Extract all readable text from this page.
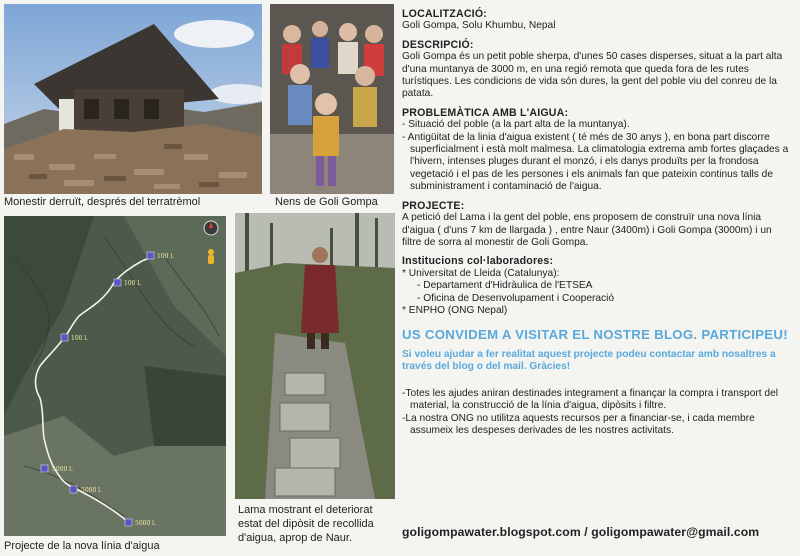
Monestir derruït, després del terratrèmol	Nens de Goli Gompa
100 l.
100 l.
100 l.
5000 l.
5000 l.
5000 l.
Projecte de la nova línia d'aigua
Lama mostrant el deteriorat estat del dipòsit de recollida d'aigua, aprop de Naur.
LOCALITZACIÓ:

Goli Gompa, Solu Khumbu, Nepal

DESCRIPCIÓ:

Goli Gompa és un petit poble sherpa, d'unes 50 cases disperses, situat a la part alta d'una muntanya de 3000 m, en una regió remota que queda fora de les rutes turístiques. Les condicions de vida són dures, la gent del poble viu del conreu de la patata.

PROBLEMÀTICA AMB L'AIGUA:
- Situació del poble (a la part alta de la muntanya).
- Antigüitat de la linia d'aigua existent ( té més de 30 anys ), en bona part discorre superficialment i està molt malmesa. La climatologia extrema amb fortes glaçades a l'hivern, intenses pluges durant el monzó, i els danys produïts per la frondosa vegetació i el pas de les persones i els animals fan que pateixin continus talls de subministrament i contaminació de l'aigua.
PROJECTE:

A petició del Lama i la gent del poble, ens proposem de construïr una nova línia d'aigua ( d'uns 7 km de llargada ) , entre Naur (3400m) i Goli Gompa (3000m) i un filtre de sorra al monestir de Goli Gompa.

Institucions col·laboradores:
* Universitat de Lleida (Catalunya):
- Departament d'Hidràulica de l'ETSEA
- Oficina de Desenvolupament i Cooperació
* ENPHO (ONG Nepal)
US CONVIDEM A VISITAR EL NOSTRE BLOG. PARTICIPEU!
Si voleu ajudar a fer realitat aquest projecte podeu contactar amb nosaltres a través del blog o del mail. Gràcies!
-Totes les ajudes aniran destinades integrament a finançar la compra i transport del material, la construcció de la línia d'aigua, dipòsits i filtre.
-La nostra ONG no utilitza aquests recursos per a financiar-se, i cada membre assumeix les despeses derivades de les nostres activitats.
goligompawater.blogspot.com / goligompawater@gmail.com
